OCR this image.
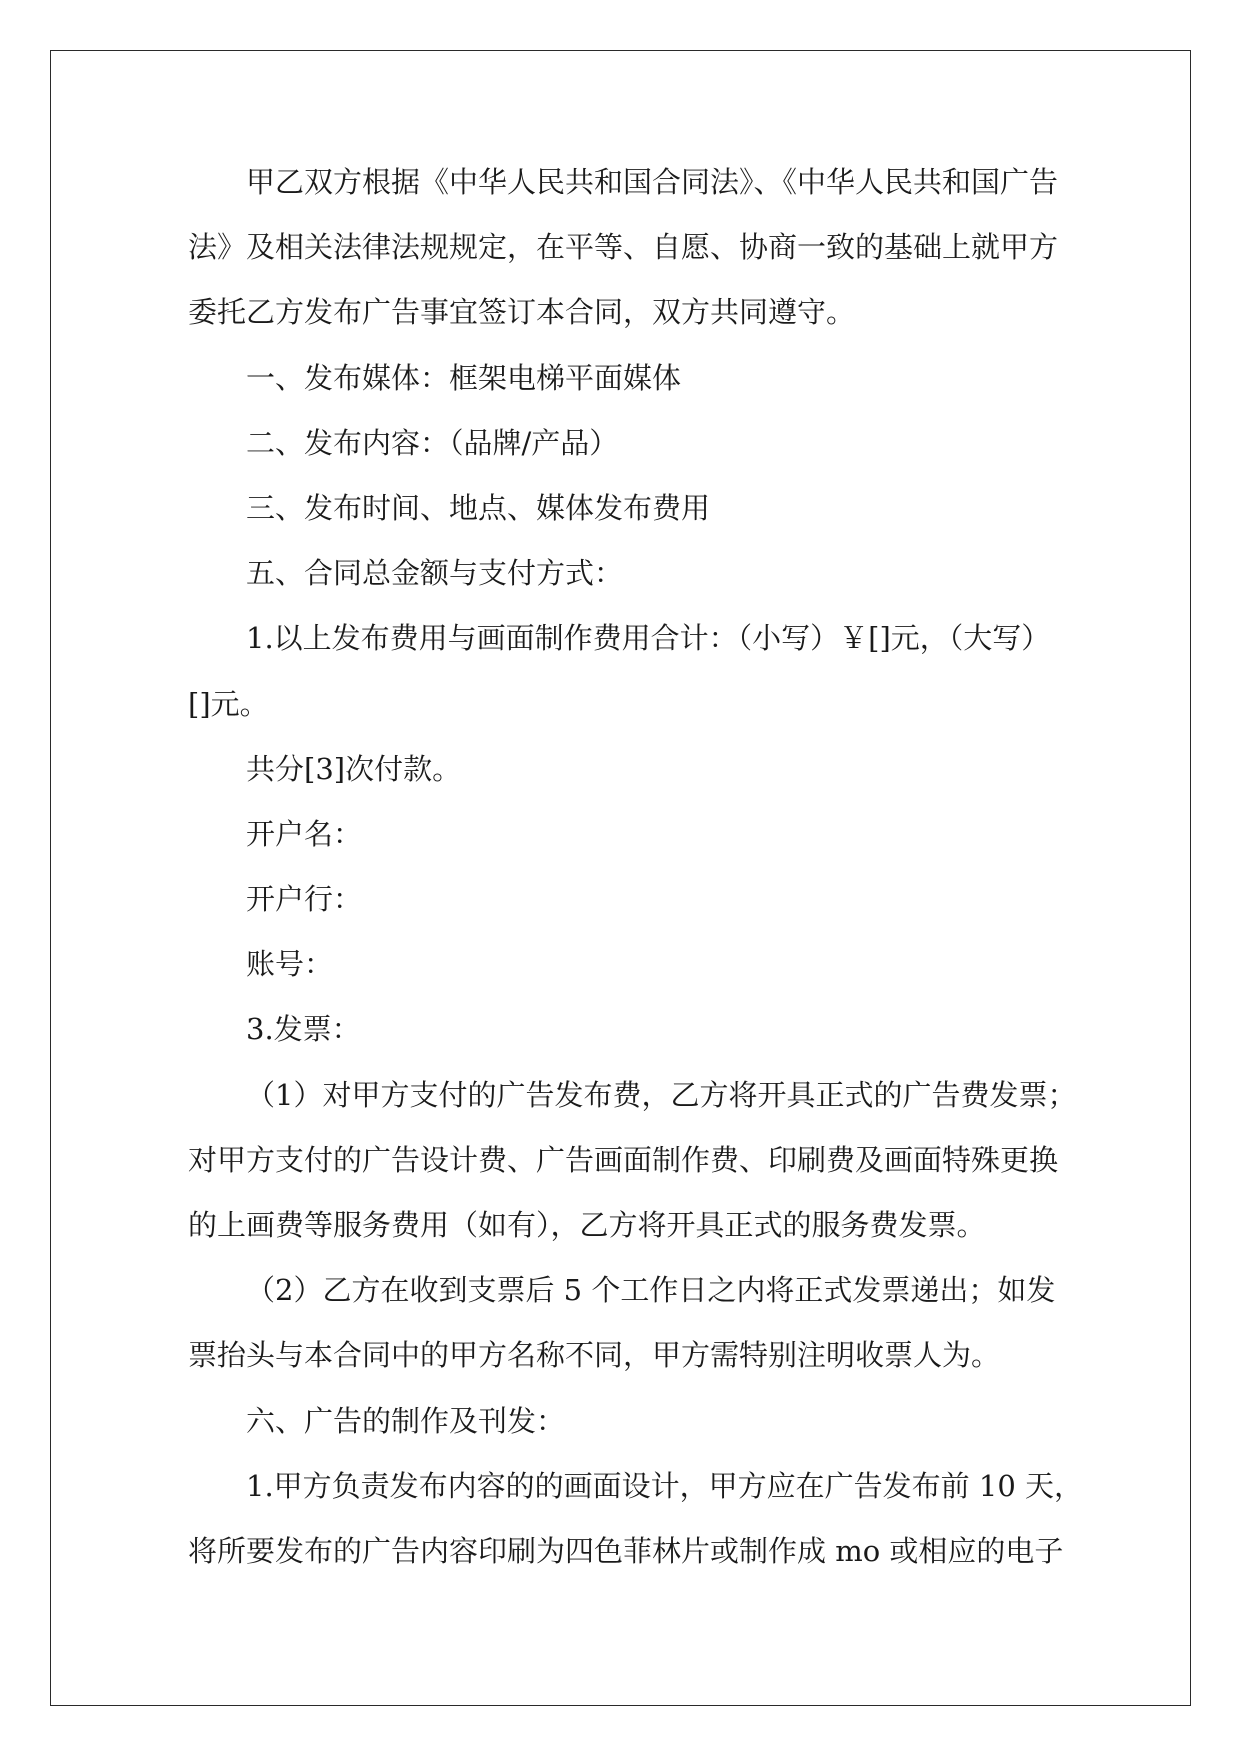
甲乙双方根据《中华人民共和国合同法》、《中华人民共和国广告
法》及相关法律法规规定，在平等、自愿、协商一致的基础上就甲方
委托乙方发布广告事宜签订本合同，双方共同遵守。
一、发布媒体：框架电梯平面媒体
二、发布内容：（品牌/产品）
三、发布时间、地点、媒体发布费用
五、合同总金额与支付方式：
1.以上发布费用与画面制作费用合计：（小写）￥[]元，（大写）
[]元。
共分[3]次付款。
开户名：
开户行：
账号：
3.发票：
（1）对甲方支付的广告发布费，乙方将开具正式的广告费发票；
对甲方支付的广告设计费、广告画面制作费、印刷费及画面特殊更换
的上画费等服务费用（如有），乙方将开具正式的服务费发票。
（2）乙方在收到支票后 5 个工作日之内将正式发票递出；如发
票抬头与本合同中的甲方名称不同，甲方需特别注明收票人为。
六、广告的制作及刊发：
1.甲方负责发布内容的的画面设计，甲方应在广告发布前 10 天，
将所要发布的广告内容印刷为四色菲林片或制作成 mo 或相应的电子
